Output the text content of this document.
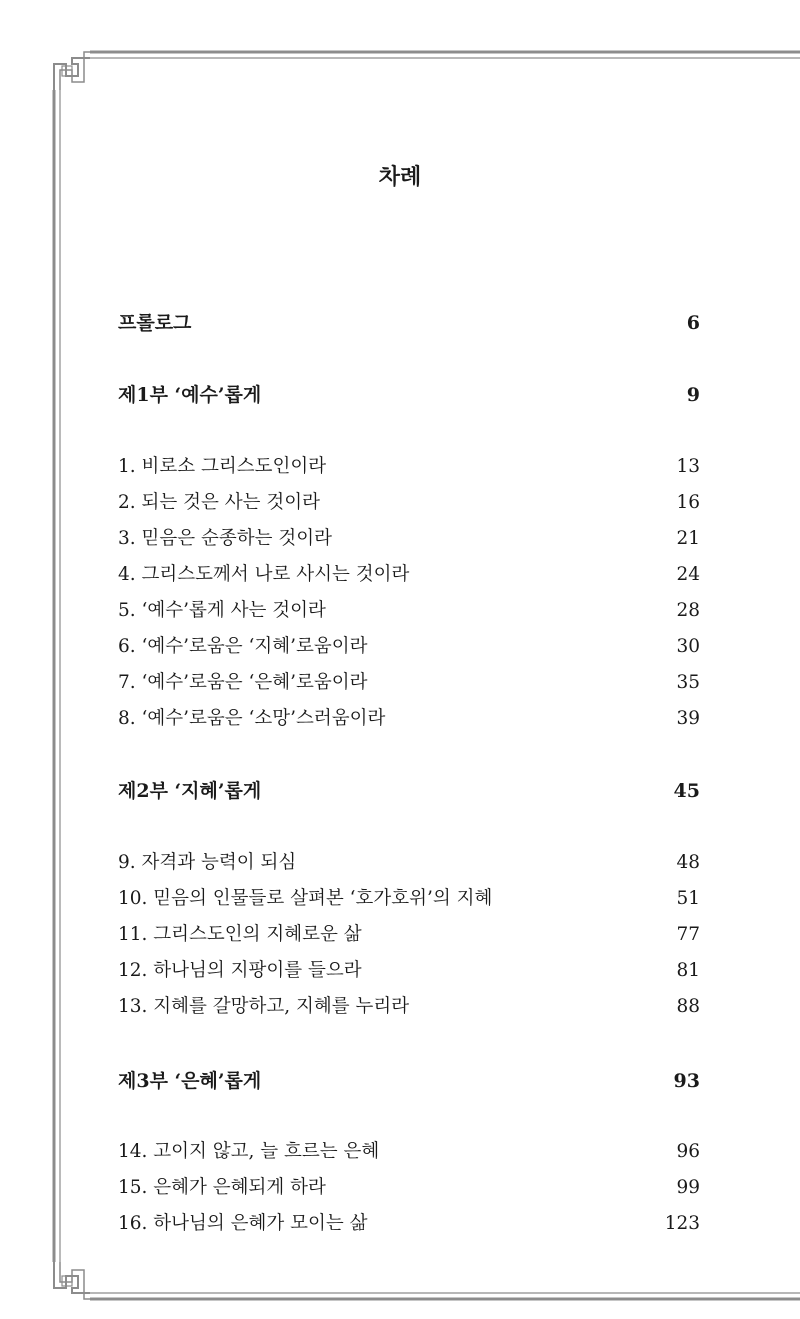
차례
프롤로그	6
제1부 ‘예수’롭게	9
1. 비로소 그리스도인이라	13
2. 되는 것은 사는 것이라	16
3. 믿음은 순종하는 것이라	21
4. 그리스도께서 나로 사시는 것이라	24
5. ‘예수’롭게 사는 것이라	28
6. ‘예수’로움은 ‘지혜’로움이라	30
7. ‘예수’로움은 ‘은혜’로움이라	35
8. ‘예수’로움은 ‘소망’스러움이라	39
제2부 ‘지혜’롭게	45
9. 자격과 능력이 되심	48
10. 믿음의 인물들로 살펴본 ‘호가호위’의 지혜	51
11. 그리스도인의 지혜로운 삶	77
12. 하나님의 지팡이를 들으라	81
13. 지혜를 갈망하고, 지혜를 누리라	88
제3부 ‘은혜’롭게	93
14. 고이지 않고, 늘 흐르는 은혜	96
15. 은혜가 은혜되게 하라	99
16. 하나님의 은혜가 모이는 삶	123
